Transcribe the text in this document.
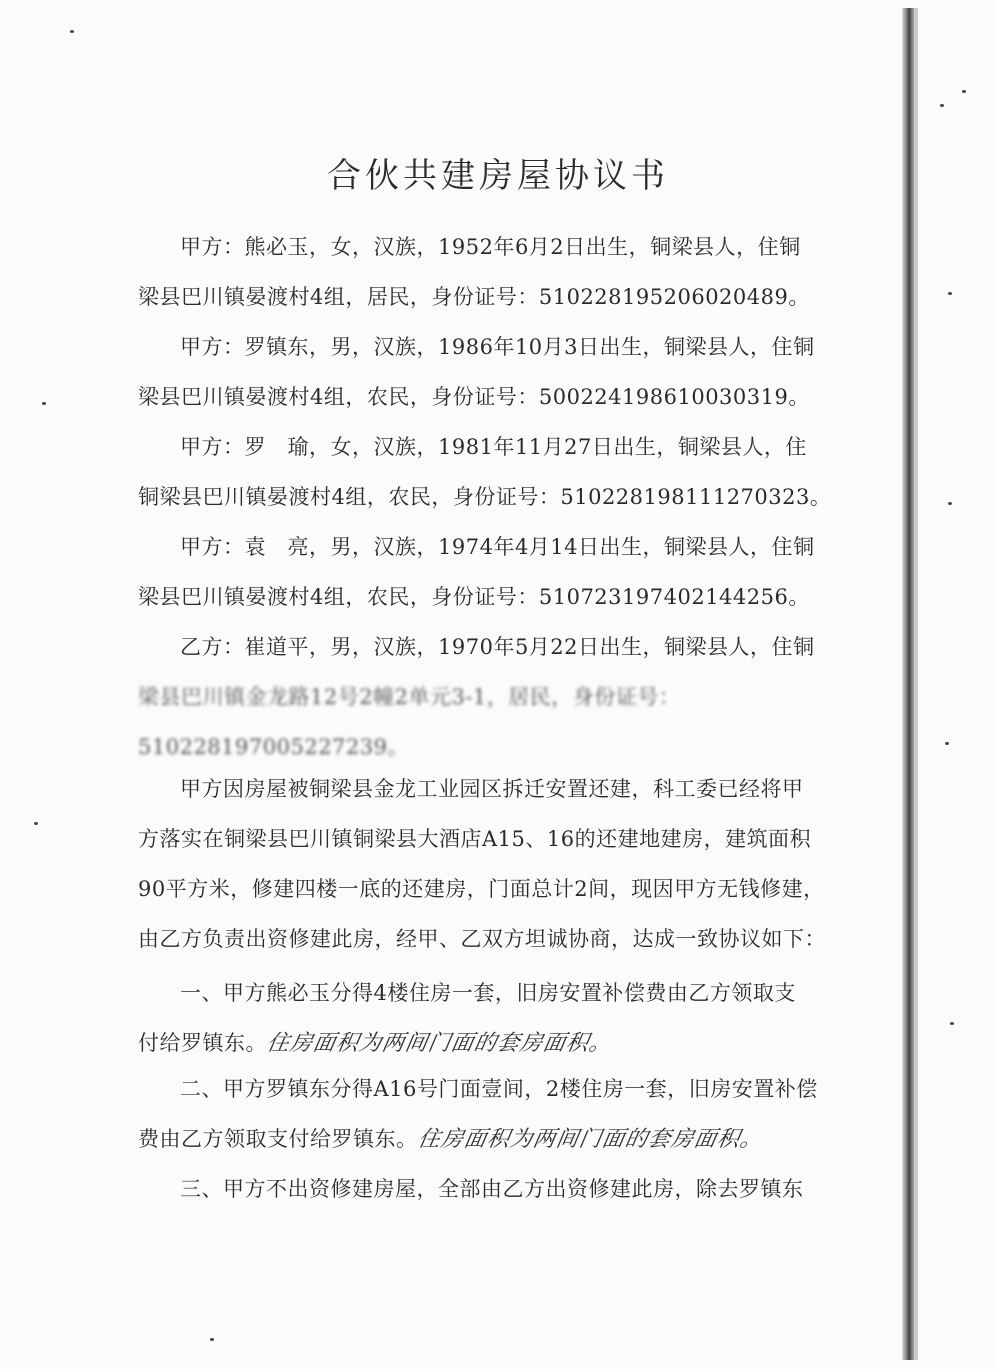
合伙共建房屋协议书

甲方：熊必玉，女，汉族，1952年6月2日出生，铜梁县人，住铜
梁县巴川镇晏渡村4组，居民，身份证号：510228195206020489。

甲方：罗镇东，男，汉族，1986年10月3日出生，铜梁县人，住铜
梁县巴川镇晏渡村4组，农民，身份证号：500224198610030319。

甲方：罗　瑜，女，汉族，1981年11月27日出生，铜梁县人，住
铜梁县巴川镇晏渡村4组，农民，身份证号：510228198111270323。

甲方：袁　亮，男，汉族，1974年4月14日出生，铜梁县人，住铜
梁县巴川镇晏渡村4组，农民，身份证号：510723197402144256。

乙方：崔道平，男，汉族，1970年5月22日出生，铜梁县人，住铜
梁县巴川镇金龙路12号2幢2单元3-1，居民，身份证号：
510228197005227239。

甲方因房屋被铜梁县金龙工业园区拆迁安置还建，科工委已经将甲
方落实在铜梁县巴川镇铜梁县大酒店A15、16的还建地建房，建筑面积
90平方米，修建四楼一底的还建房，门面总计2间，现因甲方无钱修建，
由乙方负责出资修建此房，经甲、乙双方坦诚协商，达成一致协议如下：

一、甲方熊必玉分得4楼住房一套，旧房安置补偿费由乙方领取支
付给罗镇东。住房面积为两间门面的套房面积。

二、甲方罗镇东分得A16号门面壹间，2楼住房一套，旧房安置补偿
费由乙方领取支付给罗镇东。住房面积为两间门面的套房面积。

三、甲方不出资修建房屋，全部由乙方出资修建此房，除去罗镇东
